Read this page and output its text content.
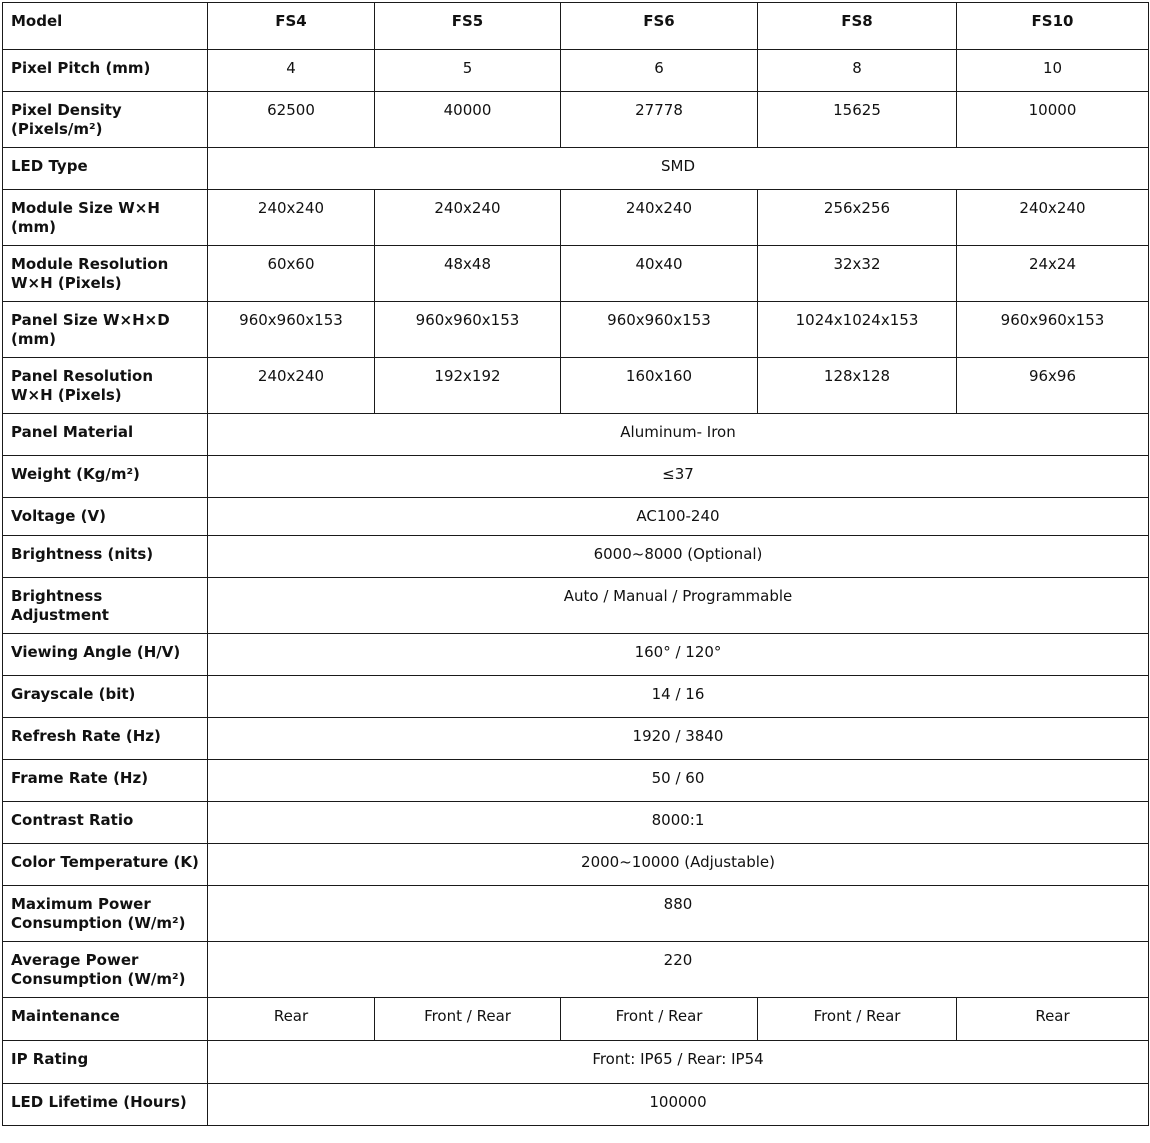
Model	FS4	FS5	FS6	FS8	FS10
Pixel Pitch (mm)	4	5	6	8	10
Pixel Density (Pixels/m²)	62500	40000	27778	15625	10000
LED Type	SMD				
Module Size W×H (mm)	240x240	240x240	240x240	256x256	240x240
Module Resolution W×H (Pixels)	60x60	48x48	40x40	32x32	24x24
Panel Size W×H×D (mm)	960x960x153	960x960x153	960x960x153	1024x1024x153	960x960x153
Panel Resolution W×H (Pixels)	240x240	192x192	160x160	128x128	96x96
Panel Material	Aluminum- Iron				
Weight (Kg/m²)	≤37				
Voltage (V)	AC100-240				
Brightness (nits)	6000~8000 (Optional)				
Brightness Adjustment	Auto / Manual / Programmable				
Viewing Angle (H/V)	160° / 120°				
Grayscale (bit)	14 / 16				
Refresh Rate (Hz)	1920 / 3840				
Frame Rate (Hz)	50 / 60				
Contrast Ratio	8000:1				
Color Temperature (K)	2000~10000 (Adjustable)				
Maximum Power Consumption (W/m²)	880				
Average Power Consumption (W/m²)	220				
Maintenance	Rear	Front / Rear	Front / Rear	Front / Rear	Rear
IP Rating	Front: IP65 / Rear: IP54				
LED Lifetime (Hours)	100000				
